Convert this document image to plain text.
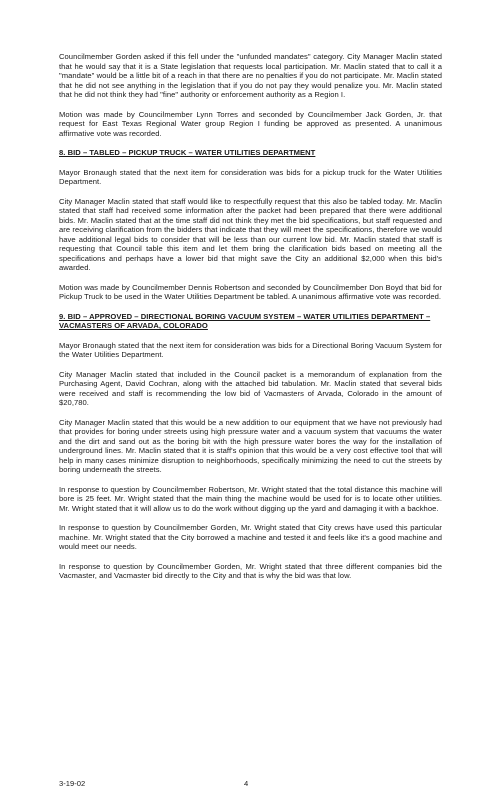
Councilmember Gorden asked if this fell under the "unfunded mandates" category. City Manager Maclin stated that he would say that it is a State legislation that requests local participation. Mr. Maclin stated that to call it a "mandate" would be a little bit of a reach in that there are no penalties if you do not participate. Mr. Maclin stated that he did not see anything in the legislation that if you do not pay they would penalize you. Mr. Maclin stated that he did not think they had "fine" authority or enforcement authority as a Region I.

Motion was made by Councilmember Lynn Torres and seconded by Councilmember Jack Gorden, Jr. that request for East Texas Regional Water group Region I funding be approved as presented. A unanimous affirmative vote was recorded.

8. BID – TABLED – PICKUP TRUCK – WATER UTILITIES DEPARTMENT

Mayor Bronaugh stated that the next item for consideration was bids for a pickup truck for the Water Utilities Department.

City Manager Maclin stated that staff would like to respectfully request that this also be tabled today. Mr. Maclin stated that staff had received some information after the packet had been prepared that there were additional bids. Mr. Maclin stated that at the time staff did not think they met the bid specifications, but staff requested and are receiving clarification from the bidders that indicate that they will meet the specifications, therefore we would have additional legal bids to consider that will be less than our current low bid. Mr. Maclin stated that staff is requesting that Council table this item and let them bring the clarification bids based on meeting all the specifications and perhaps have a lower bid that might save the City an additional $2,000 when this bid's awarded.

Motion was made by Councilmember Dennis Robertson and seconded by Councilmember Don Boyd that bid for Pickup Truck to be used in the Water Utilities Department be tabled. A unanimous affirmative vote was recorded.

9. BID – APPROVED – DIRECTIONAL BORING VACUUM SYSTEM – WATER UTILITIES DEPARTMENT – VACMASTERS OF ARVADA, COLORADO

Mayor Bronaugh stated that the next item for consideration was bids for a Directional Boring Vacuum System for the Water Utilities Department.

City Manager Maclin stated that included in the Council packet is a memorandum of explanation from the Purchasing Agent, David Cochran, along with the attached bid tabulation. Mr. Maclin stated that several bids were received and staff is recommending the low bid of Vacmasters of Arvada, Colorado in the amount of $20,780.

City Manager Maclin stated that this would be a new addition to our equipment that we have not previously had that provides for boring under streets using high pressure water and a vacuum system that vacuums the water and the dirt and sand out as the boring bit with the high pressure water bores the way for the installation of underground lines. Mr. Maclin stated that it is staff's opinion that this would be a very cost effective tool that will help in many cases minimize disruption to neighborhoods, specifically minimizing the need to cut the streets by boring underneath the streets.

In response to question by Councilmember Robertson, Mr. Wright stated that the total distance this machine will bore is 25 feet. Mr. Wright stated that the main thing the machine would be used for is to locate other utilities. Mr. Wright stated that it will allow us to do the work without digging up the yard and damaging it with a backhoe.

In response to question by Councilmember Gorden, Mr. Wright stated that City crews have used this particular machine. Mr. Wright stated that the City borrowed a machine and tested it and feels like it's a good machine and would meet our needs.

In response to question by Councilmember Gorden, Mr. Wright stated that three different companies bid the Vacmaster, and Vacmaster bid directly to the City and that is why the bid was that low.

3-19-02	4
